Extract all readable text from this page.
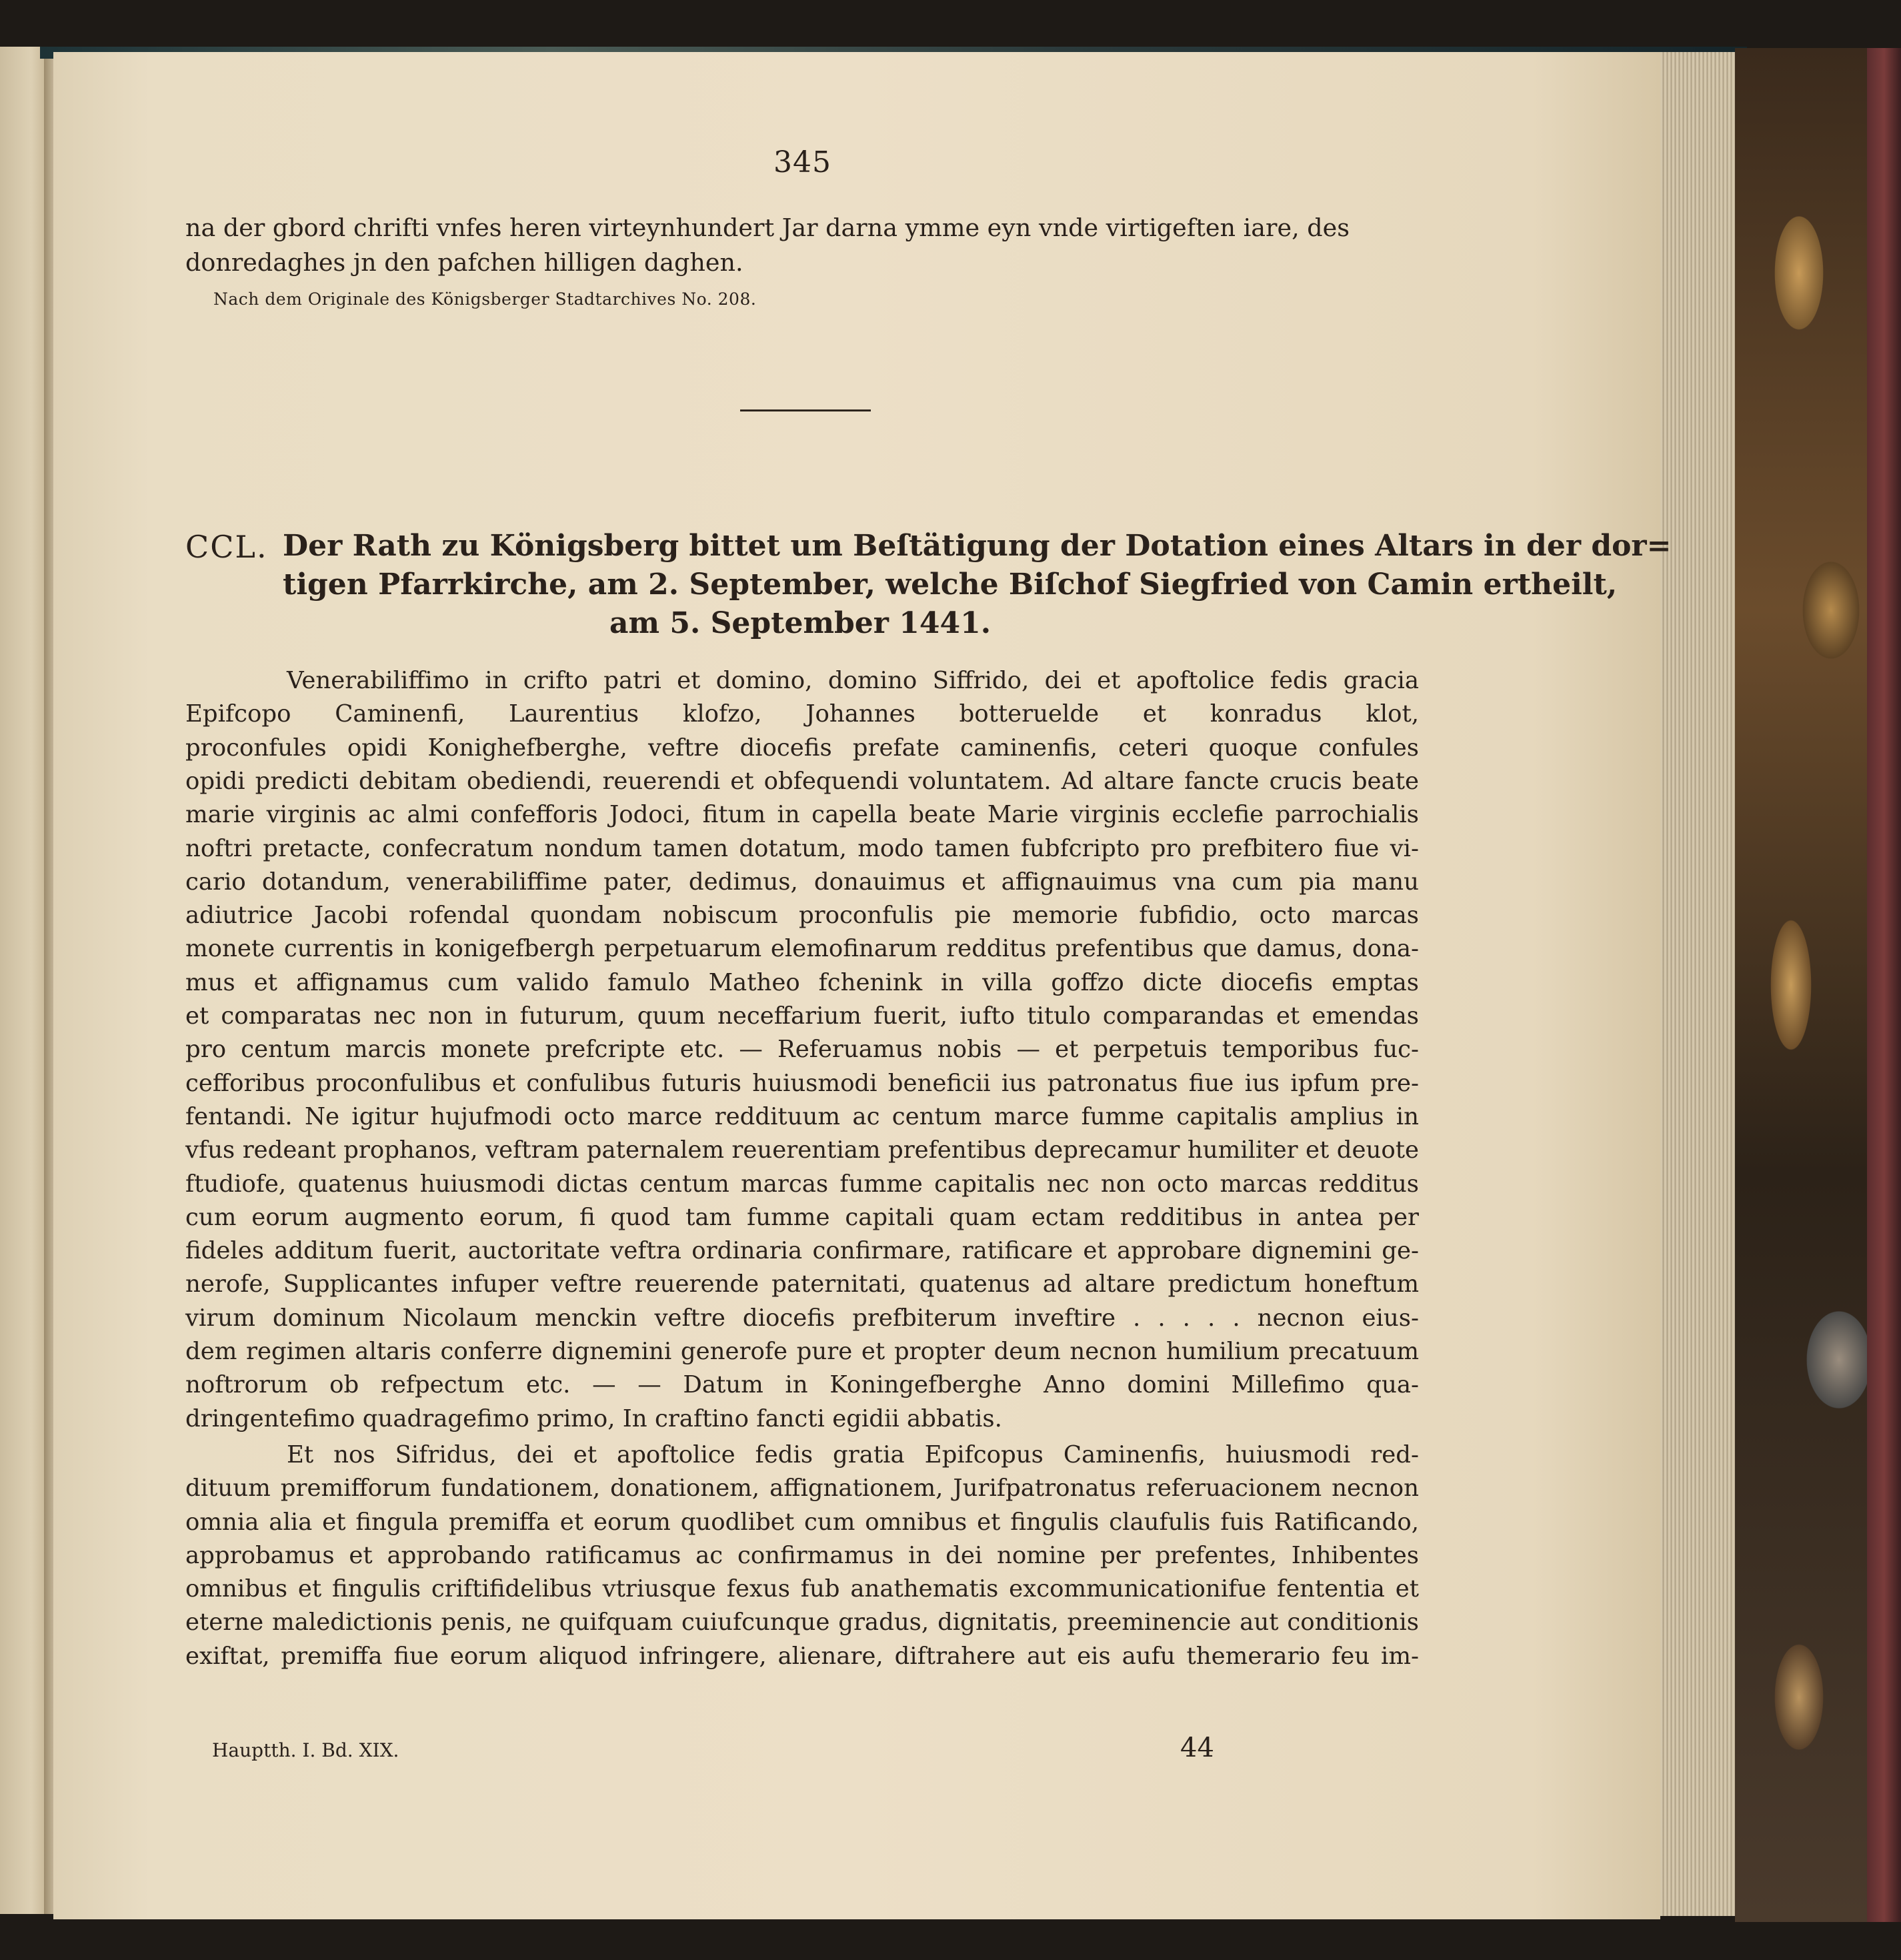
345
na der gbord chrifti vnfes heren virteynhundert Jar darna ymme eyn vnde virtigeften iare, des
donredaghes jn den pafchen hilligen daghen.
Nach dem Originale des Königsberger Stadtarchives No. 208.
CCL. Der Rath zu Königsberg bittet um Beſtätigung der Dotation eines Altars in der dor=
tigen Pfarrkirche, am 2. September, welche Biſchof Siegfried von Camin ertheilt,
am 5. September 1441.
Venerabiliffimo in crifto patri et domino, domino Siffrido, dei et apoftolice fedis gracia
Epifcopo Caminenfi, Laurentius klofzo, Johannes botteruelde et konradus klot,
proconfules opidi Konighefberghe, veftre diocefis prefate caminenfis, ceteri quoque confules
opidi predicti debitam obediendi, reuerendi et obfequendi voluntatem. Ad altare fancte crucis beate
marie virginis ac almi confefforis Jodoci, fitum in capella beate Marie virginis ecclefie parrochialis
noftri pretacte, confecratum nondum tamen dotatum, modo tamen fubfcripto pro prefbitero fiue vi-
cario dotandum, venerabiliffime pater, dedimus, donauimus et affignauimus vna cum pia manu
adiutrice Jacobi rofendal quondam nobiscum proconfulis pie memorie fubfidio, octo marcas
monete currentis in konigefbergh perpetuarum elemofinarum redditus prefentibus que damus, dona-
mus et affignamus cum valido famulo Matheo fchenink in villa goffzo dicte diocefis emptas
et comparatas nec non in futurum, quum neceffarium fuerit, iufto titulo comparandas et emendas
pro centum marcis monete prefcripte etc. — Referuamus nobis — et perpetuis temporibus fuc-
cefforibus proconfulibus et confulibus futuris huiusmodi beneficii ius patronatus fiue ius ipfum pre-
fentandi. Ne igitur hujufmodi octo marce reddituum ac centum marce fumme capitalis amplius in
vfus redeant prophanos, veftram paternalem reuerentiam prefentibus deprecamur humiliter et deuote
ftudiofe, quatenus huiusmodi dictas centum marcas fumme capitalis nec non octo marcas redditus
cum eorum augmento eorum, fi quod tam fumme capitali quam ectam redditibus in antea per
fideles additum fuerit, auctoritate veftra ordinaria confirmare, ratificare et approbare dignemini ge-
nerofe, Supplicantes infuper veftre reuerende paternitati, quatenus ad altare predictum honeftum
virum dominum Nicolaum menckin veftre diocefis prefbiterum inveftire . . . . . necnon eius-
dem regimen altaris conferre dignemini generofe pure et propter deum necnon humilium precatuum
noftrorum ob refpectum etc. — — Datum in Koningefberghe Anno domini Millefimo qua-
dringentefimo quadragefimo primo, In craftino fancti egidii abbatis.
Et nos Sifridus, dei et apoftolice fedis gratia Epifcopus Caminenfis, huiusmodi red-
dituum premifforum fundationem, donationem, affignationem, Jurifpatronatus referuacionem necnon
omnia alia et fingula premiffa et eorum quodlibet cum omnibus et fingulis claufulis fuis Ratificando,
approbamus et approbando ratificamus ac confirmamus in dei nomine per prefentes, Inhibentes
omnibus et fingulis criftifidelibus vtriusque fexus fub anathematis excommunicationifue fententia et
eterne maledictionis penis, ne quifquam cuiufcunque gradus, dignitatis, preeminencie aut conditionis
exiftat, premiffa fiue eorum aliquod infringere, alienare, diftrahere aut eis aufu themerario feu im-
Hauptth. I. Bd. XIX.	44
